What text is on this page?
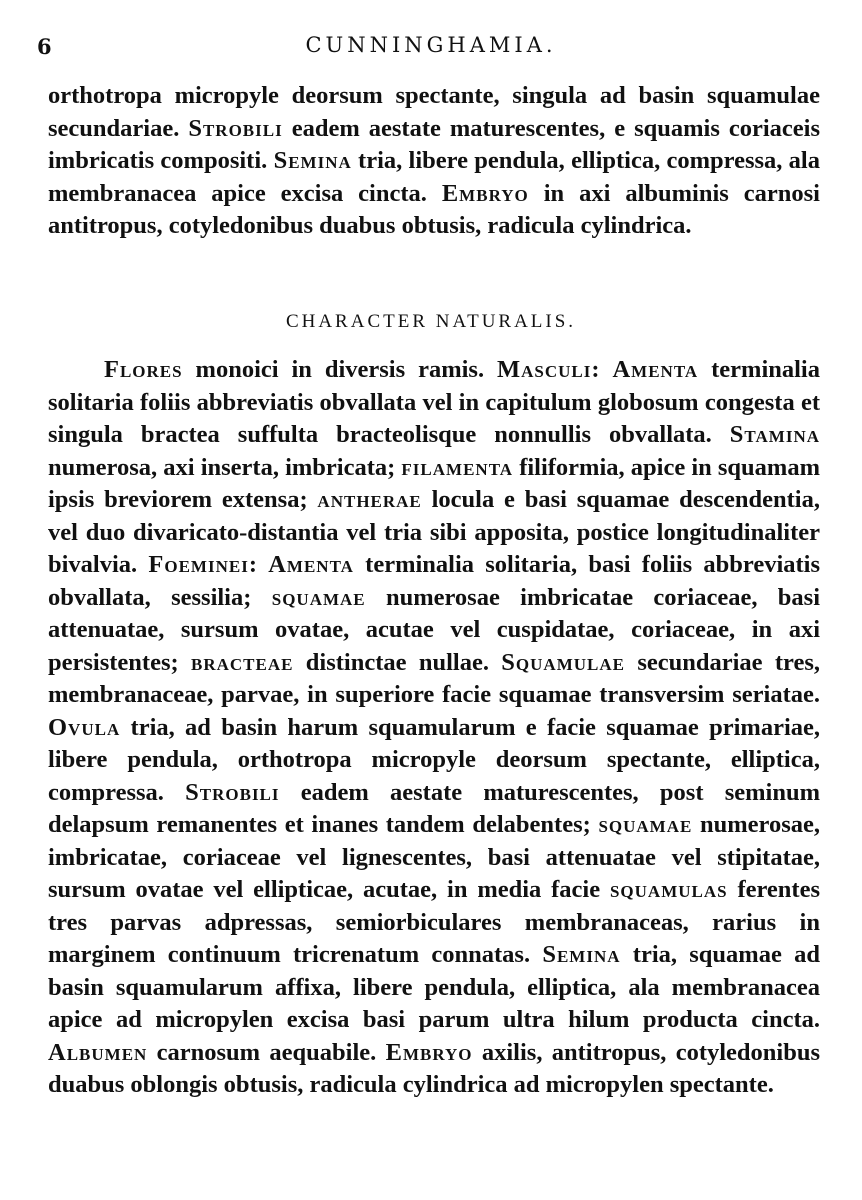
6	CUNNINGHAMIA.

orthotropa micropyle deorsum spectante, singula ad basin squamulae secundariae. Strobili eadem aestate maturescentes, e squamis coriaceis imbricatis compositi. Semina tria, libere pendula, elliptica, compressa, ala membranacea apice excisa cincta. Embryo in axi albuminis carnosi antitropus, cotyledonibus duabus obtusis, radicula cylindrica.

CHARACTER NATURALIS.

Flores monoici in diversis ramis. Masculi: Amenta terminalia solitaria foliis abbreviatis obvallata vel in capitulum globosum congesta et singula bractea suffulta bracteolisque nonnullis obvallata. Stamina numerosa, axi inserta, imbricata; filamenta filiformia, apice in squamam ipsis breviorem extensa; antherae locula e basi squamae descendentia, vel duo divaricato-distantia vel tria sibi apposita, postice longitudinaliter bivalvia. Foeminei: Amenta terminalia solitaria, basi foliis abbreviatis obvallata, sessilia; squamae numerosae imbricatae coriaceae, basi attenuatae, sursum ovatae, acutae vel cuspidatae, coriaceae, in axi persistentes; bracteae distinctae nullae. Squamulae secundariae tres, membranaceae, parvae, in superiore facie squamae transversim seriatae. Ovula tria, ad basin harum squamularum e facie squamae primariae, libere pendula, orthotropa micropyle deorsum spectante, elliptica, compressa. Strobili eadem aestate maturescentes, post seminum delapsum remanentes et inanes tandem delabentes; squamae numerosae, imbricatae, coriaceae vel lignescentes, basi attenuatae vel stipitatae, sursum ovatae vel ellipticae, acutae, in media facie squamulas ferentes tres parvas adpressas, semiorbiculares membranaceas, rarius in marginem continuum tricrenatum connatas. Semina tria, squamae ad basin squamularum affixa, libere pendula, elliptica, ala membranacea apice ad micropylen excisa basi parum ultra hilum producta cincta. Albumen carnosum aequabile. Embryo axilis, antitropus, cotyledonibus duabus oblongis obtusis, radicula cylindrica ad micropylen spectante.
